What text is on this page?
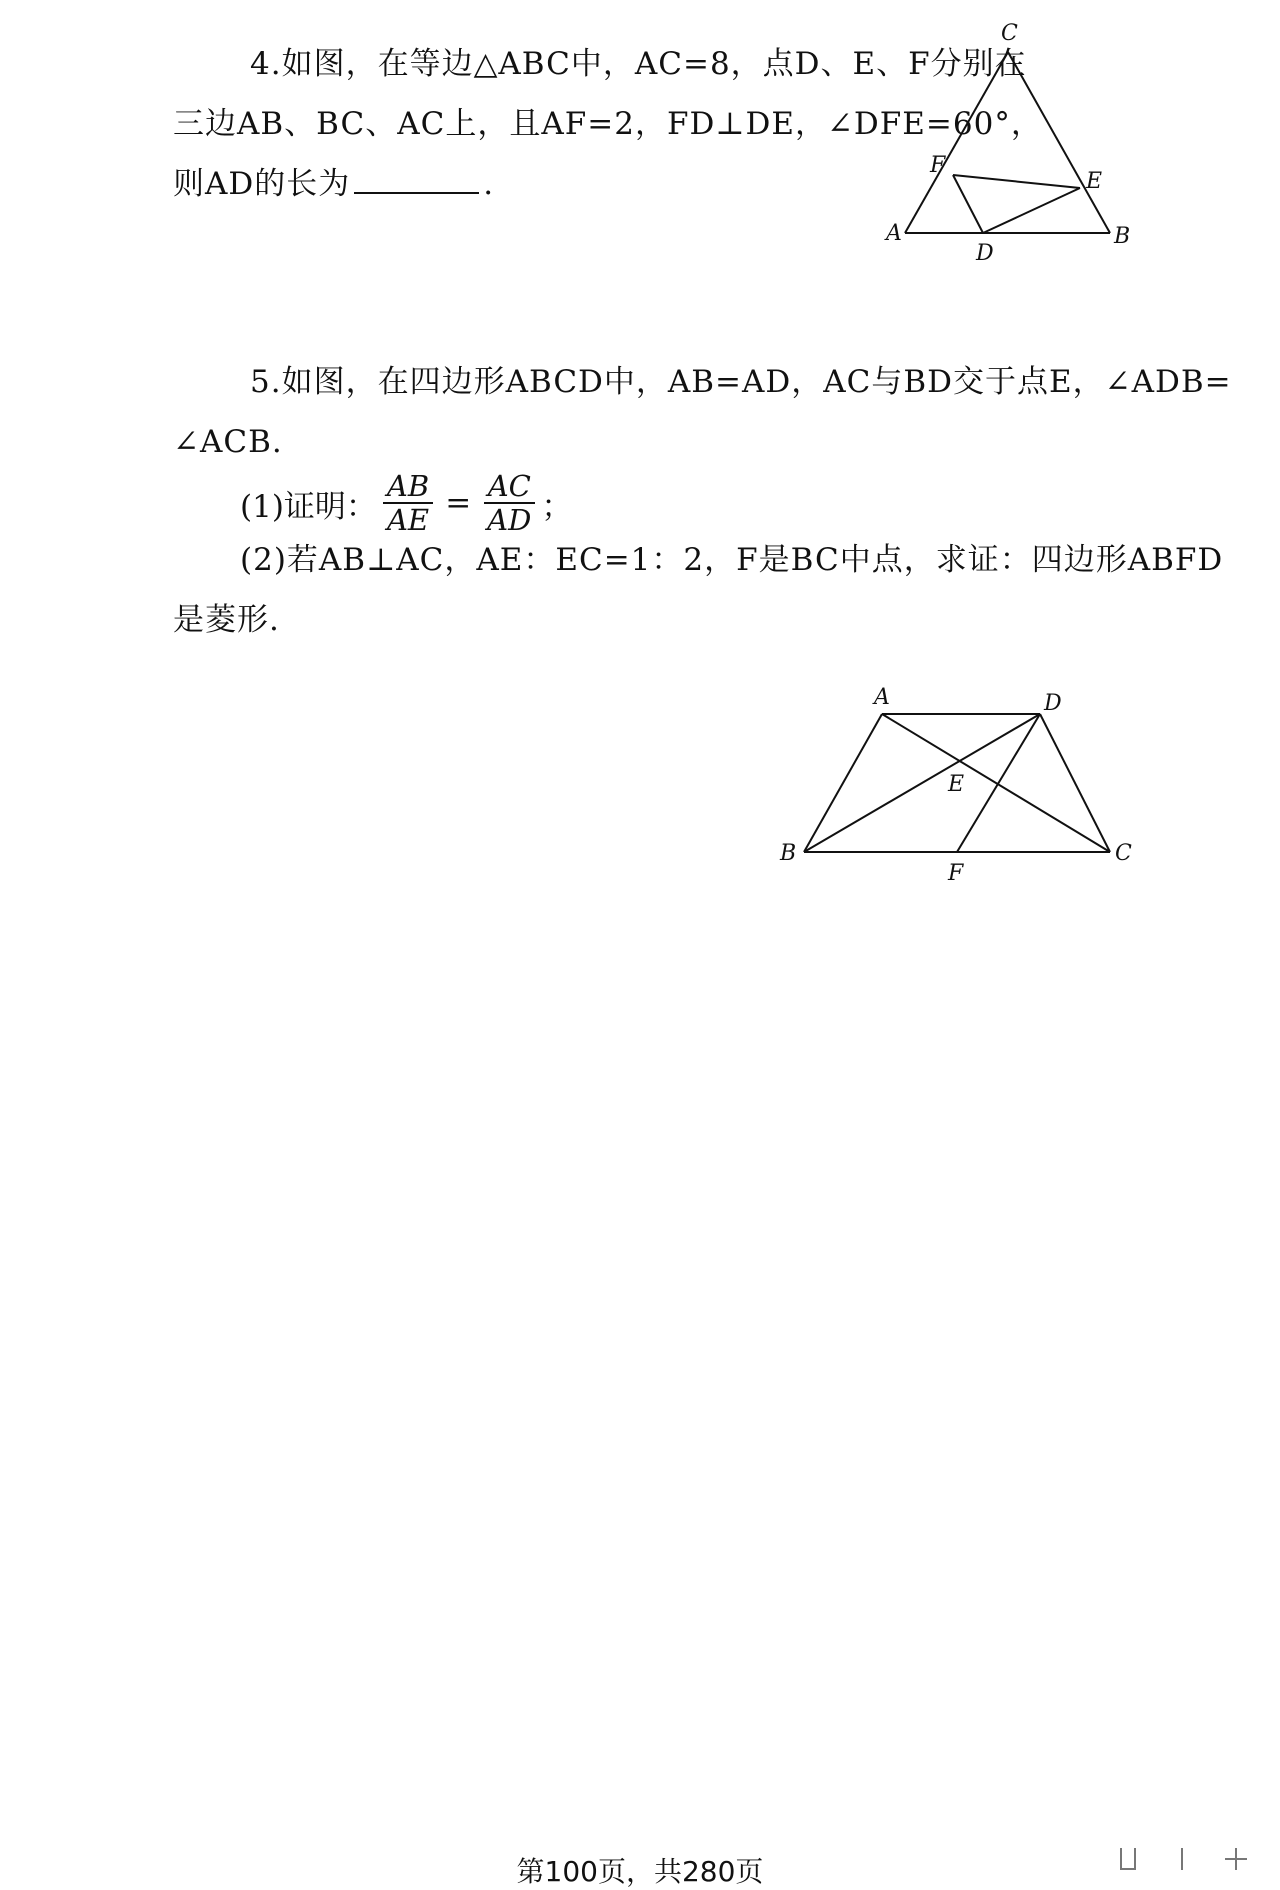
4.如图，在等边△ABC中，AC=8，点D、E、F分别在
三边AB、BC、AC上，且AF=2，FD⊥DE，∠DFE=60°，
则AD的长为	.
C
F
E
A	B
D
5.如图，在四边形ABCD中，AB=AD，AC与BD交于点E，∠ADB=
∠ACB.
(1)证明： $\frac{AB}{AE} = \frac{AC}{AD}$ ；
(2)若AB⊥AC，AE：EC=1：2，F是BC中点，求证：四边形ABFD
是菱形.
A	D
E
B
F
C
第100页，共280页
